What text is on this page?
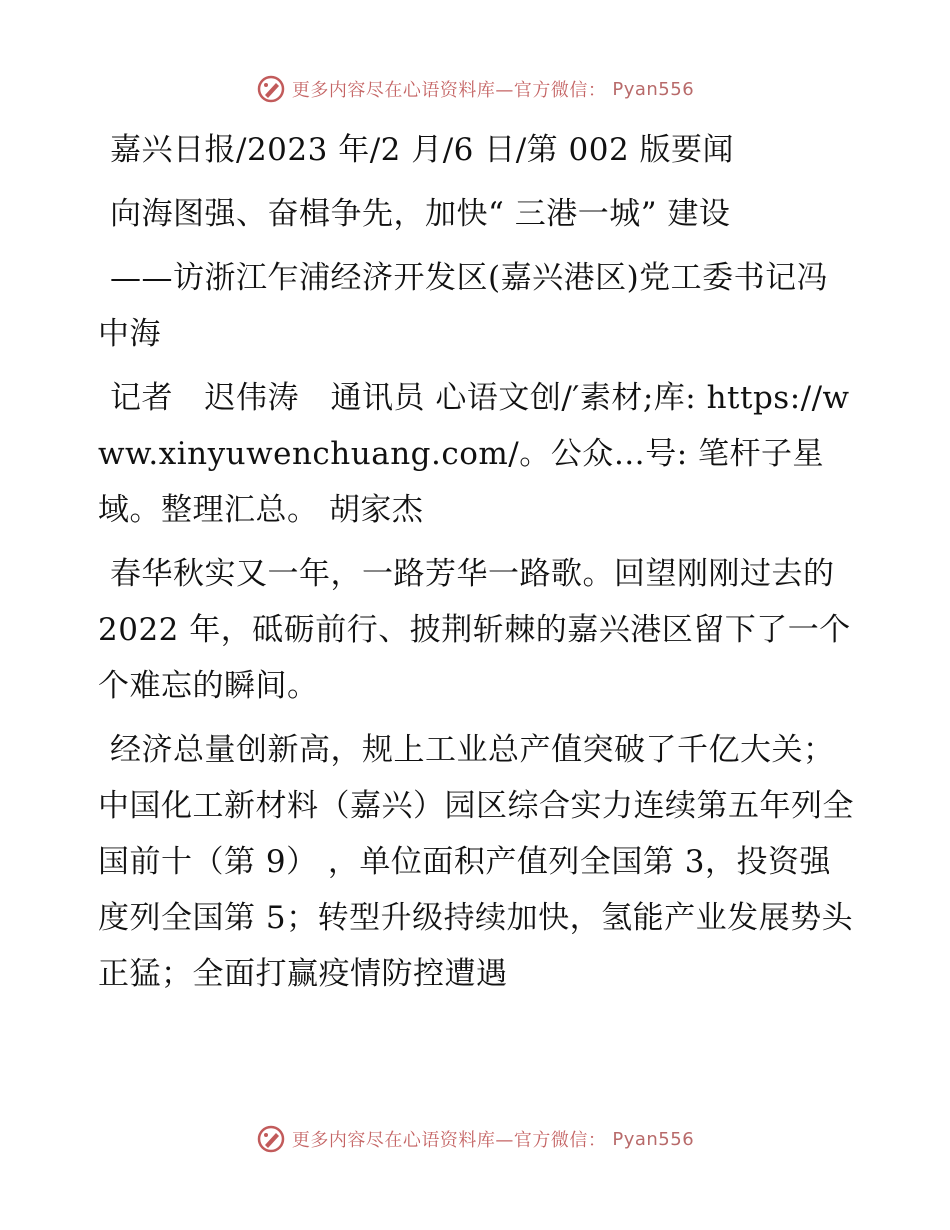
更多内容尽在心语资料库—官方微信： Pyan556

嘉兴日报/2023 年/2 月/6 日/第 002 版要闻

向海图强、奋楫争先，加快“ 三港一城” 建设

——访浙江乍浦经济开发区(嘉兴港区)党工委书记冯中海

记者　迟伟涛　通讯员 心语文创/′素材;库: https://www.xinyuwenchuang.com/。公众…号: 笔杆子星域。整理汇总。 胡家杰

春华秋实又一年，一路芳华一路歌。回望刚刚过去的 2022 年，砥砺前行、披荆斩棘的嘉兴港区留下了一个个难忘的瞬间。

经济总量创新高，规上工业总产值突破了千亿大关；中国化工新材料（嘉兴）园区综合实力连续第五年列全国前十（第 9） ，单位面积产值列全国第 3，投资强度列全国第 5；转型升级持续加快，氢能产业发展势头正猛；全面打赢疫情防控遭遇

更多内容尽在心语资料库—官方微信： Pyan556
